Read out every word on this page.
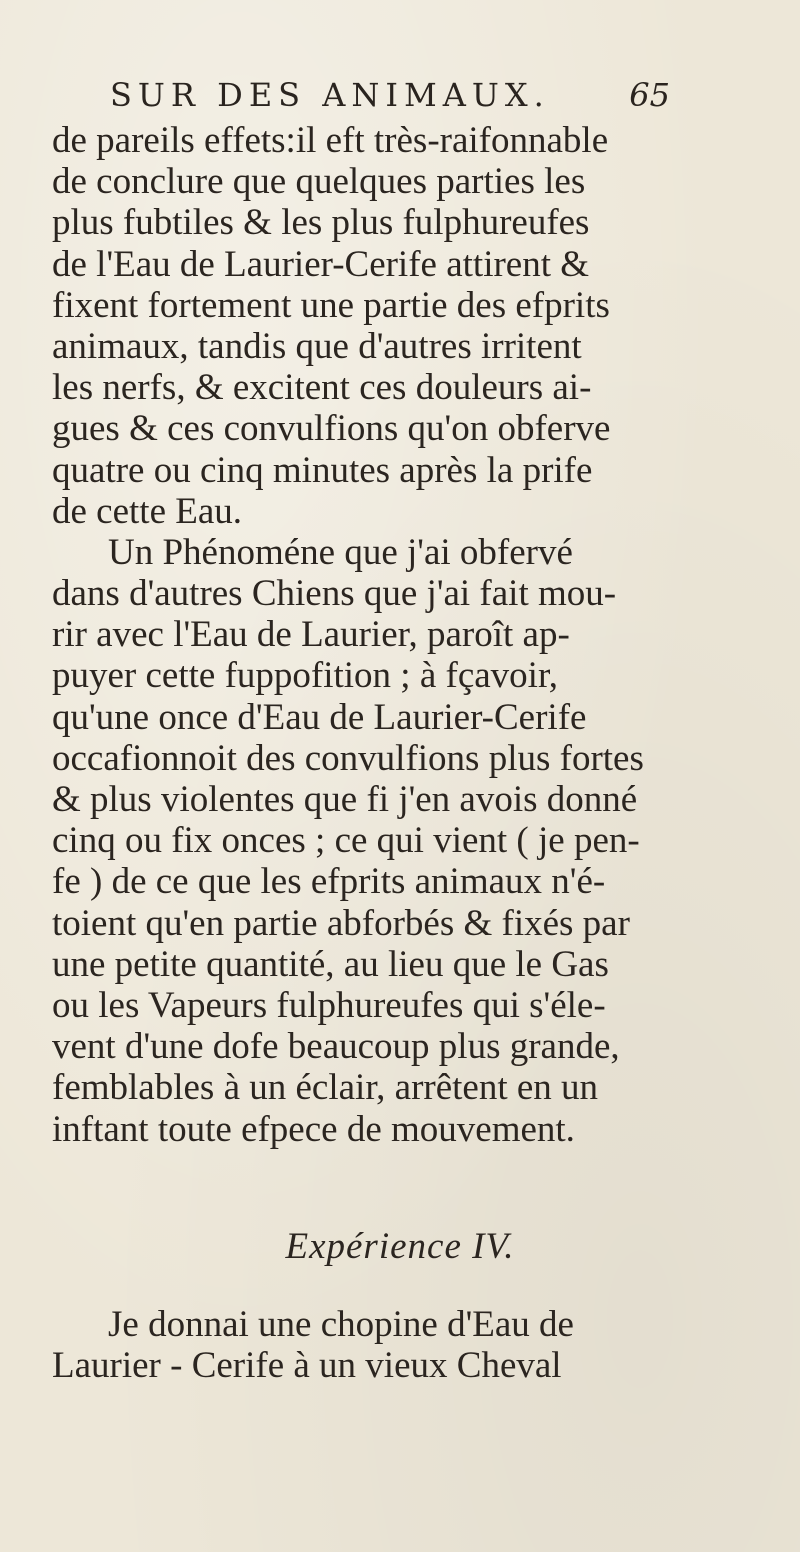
SUR DES ANIMAUX. 65
de pareils effets:il eft très-raifonnable
de conclure que quelques parties les
plus fubtiles & les plus fulphureufes
de l'Eau de Laurier-Cerife attirent &
fixent fortement une partie des efprits
animaux, tandis que d'autres irritent
les nerfs, & excitent ces douleurs ai-
gues & ces convulfions qu'on obferve
quatre ou cinq minutes après la prife
de cette Eau.
Un Phénoméne que j'ai obfervé
dans d'autres Chiens que j'ai fait mou-
rir avec l'Eau de Laurier, paroît ap-
puyer cette fuppofition ; à fçavoir,
qu'une once d'Eau de Laurier-Cerife
occafionnoit des convulfions plus fortes
& plus violentes que fi j'en avois donné
cinq ou fix onces ; ce qui vient ( je pen-
fe ) de ce que les efprits animaux n'é-
toient qu'en partie abforbés & fixés par
une petite quantité, au lieu que le Gas
ou les Vapeurs fulphureufes qui s'éle-
vent d'une dofe beaucoup plus grande,
femblables à un éclair, arrêtent en un
inftant toute efpece de mouvement.
Expérience IV.
Je donnai une chopine d'Eau de
Laurier - Cerife à un vieux Cheval
